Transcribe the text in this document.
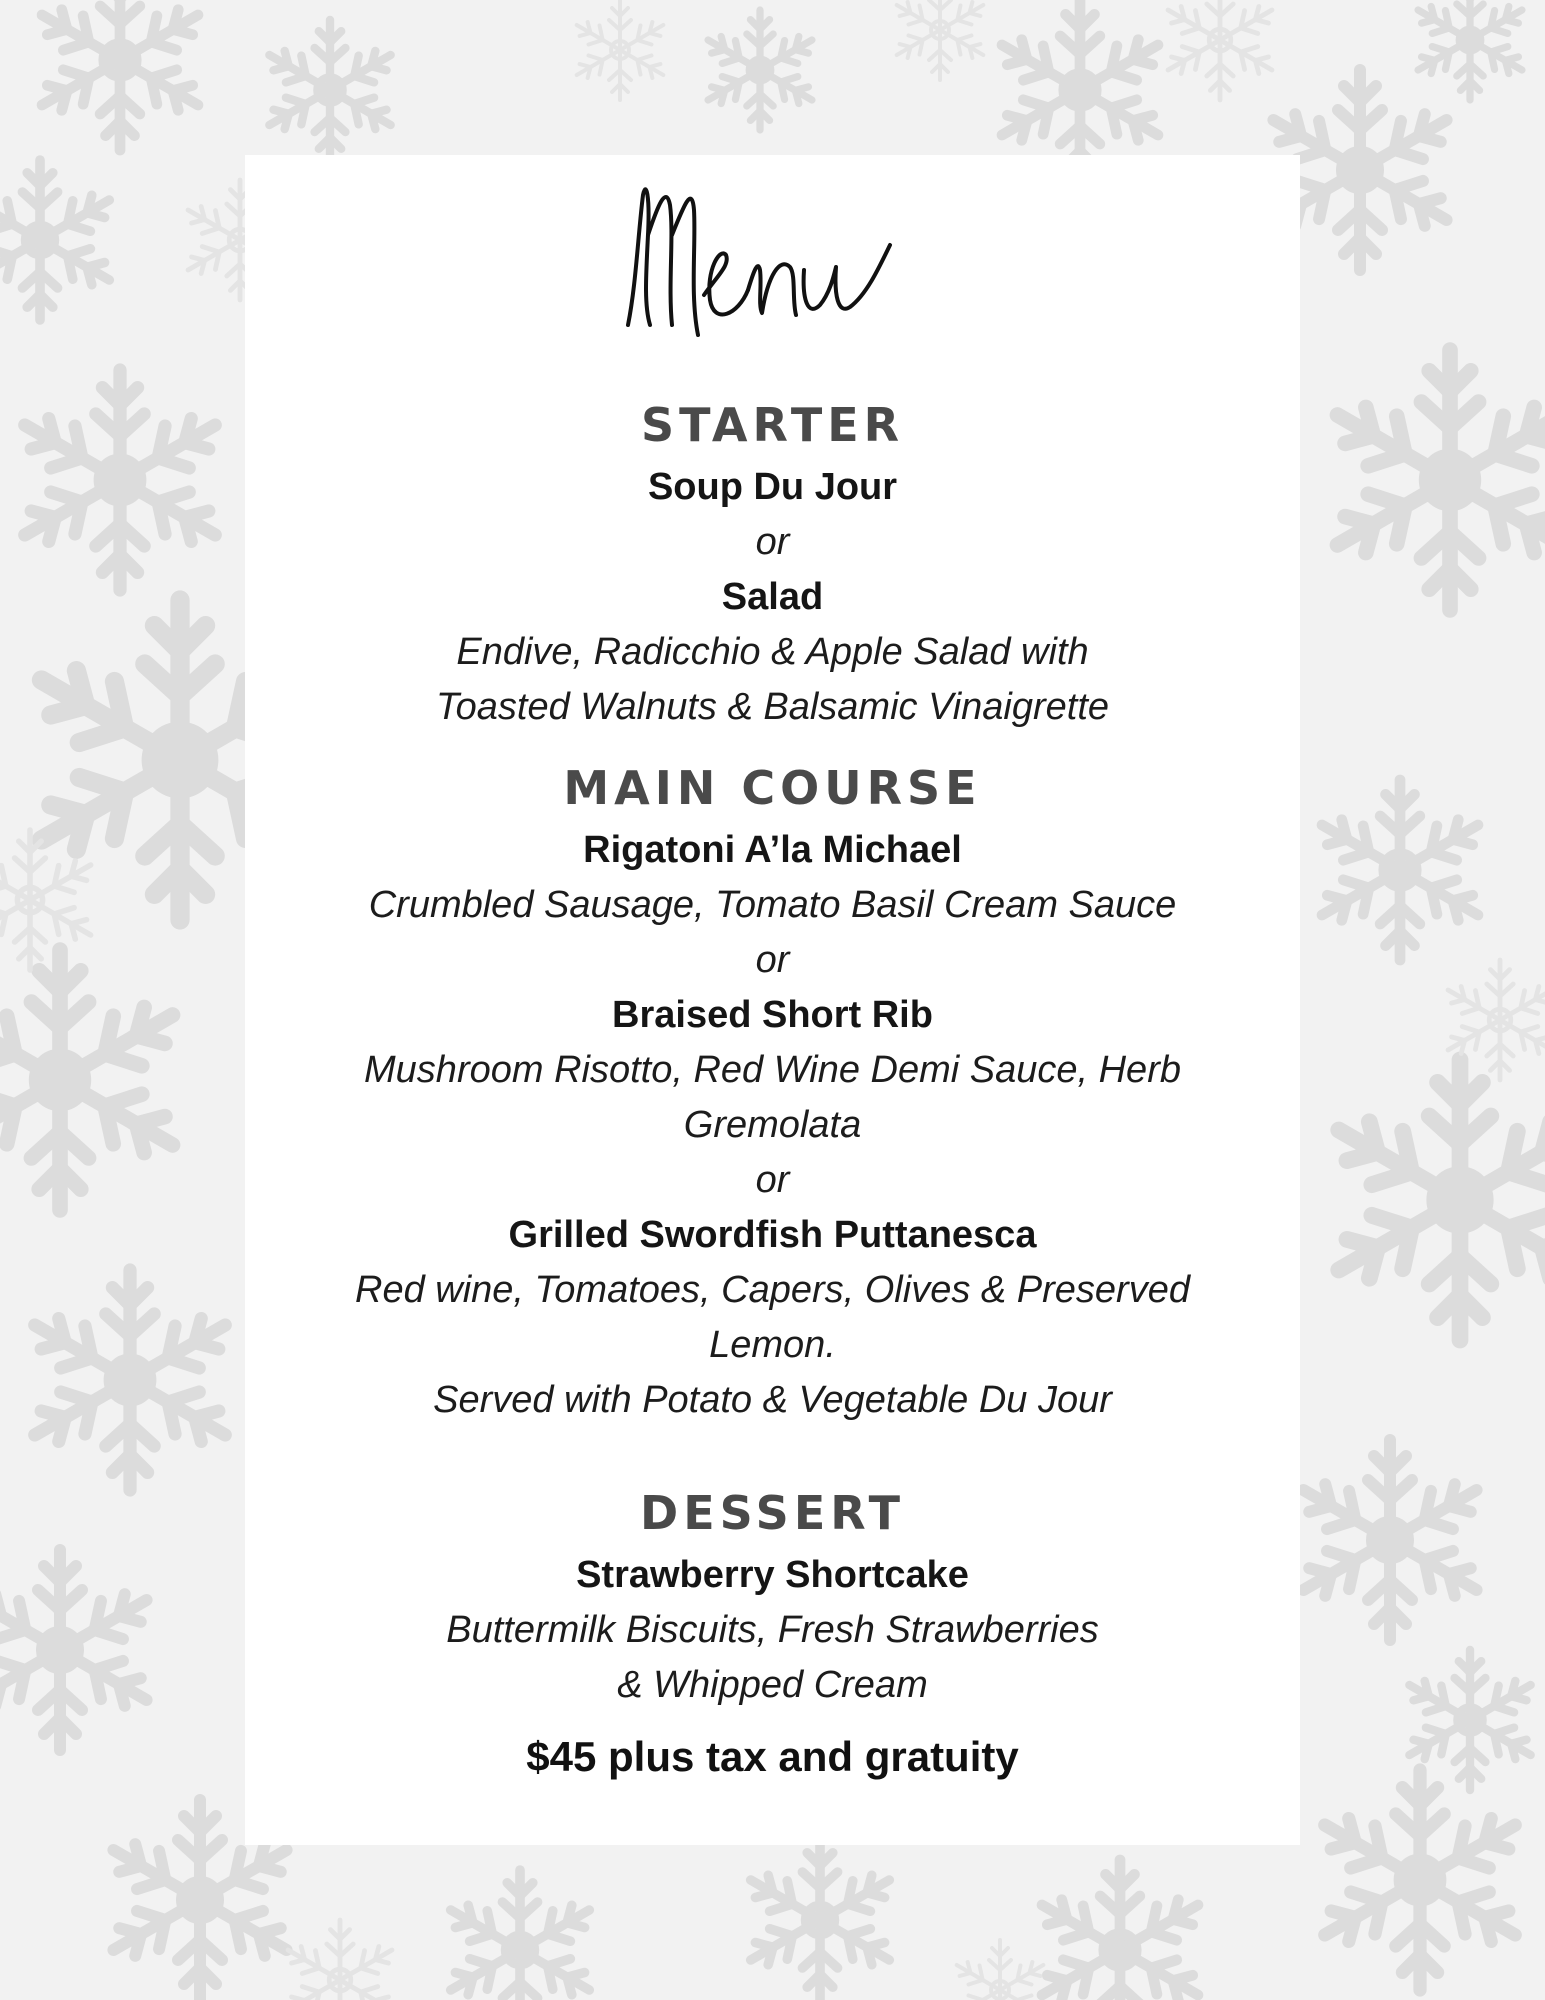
STARTER

Soup Du Jour

or

Salad

Endive, Radicchio & Apple Salad with

Toasted Walnuts & Balsamic Vinaigrette

MAIN COURSE

Rigatoni A’la Michael

Crumbled Sausage, Tomato Basil Cream Sauce

or

Braised Short Rib

Mushroom Risotto, Red Wine Demi Sauce, Herb

Gremolata

or

Grilled Swordfish Puttanesca

Red wine, Tomatoes, Capers, Olives & Preserved

Lemon.

Served with Potato & Vegetable Du Jour

DESSERT

Strawberry Shortcake

Buttermilk Biscuits, Fresh Strawberries

& Whipped Cream

$45 plus tax and gratuity
